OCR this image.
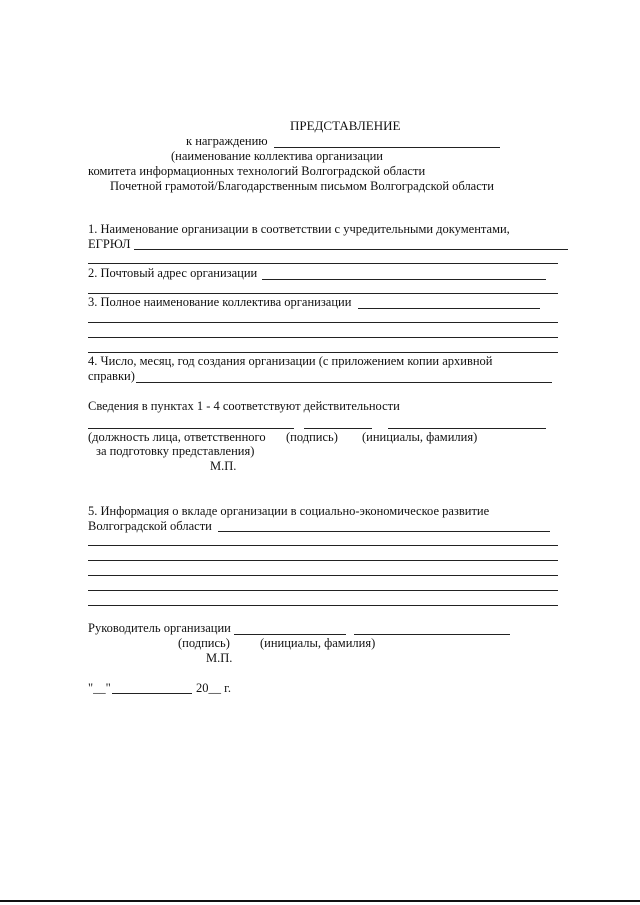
ПРЕДСТАВЛЕНИЕ
к награждению
(наименование коллектива организации
комитета информационных технологий Волгоградской области
Почетной грамотой/Благодарственным письмом Волгоградской области
1. Наименование организации в соответствии с учредительными документами,
ЕГРЮЛ
2. Почтовый адрес организации
3. Полное наименование коллектива организации
4. Число, месяц, год создания организации (с приложением копии архивной
справки)
Сведения в пунктах 1 - 4 соответствуют действительности
(должность лица, ответственного (подпись) (инициалы, фамилия)
за подготовку представления)
М.П.
5. Информация о вкладе организации в социально-экономическое развитие
Волгоградской области
Руководитель организации
(подпись) (инициалы, фамилия)
М.П.
"__"	20__ г.
